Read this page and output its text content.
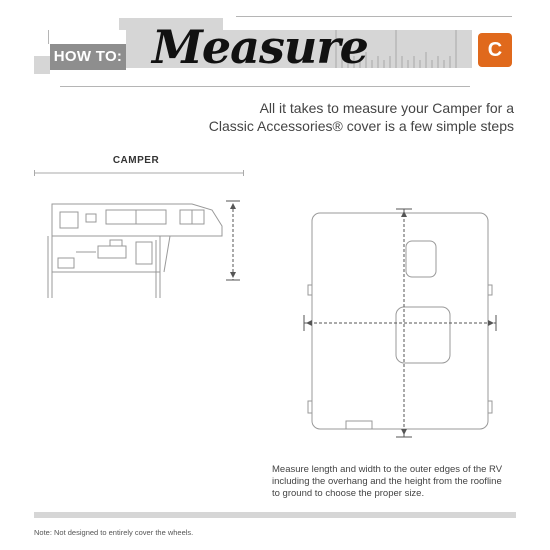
HOW TO: Measure	C
All it takes to measure your Camper for a
Classic Accessories® cover is a few simple steps
CAMPER
Measure length and width to the outer edges of the RV
including the overhang and the height from the roofline
to ground to choose the proper size.
Note: Not designed to entirely cover the wheels.
